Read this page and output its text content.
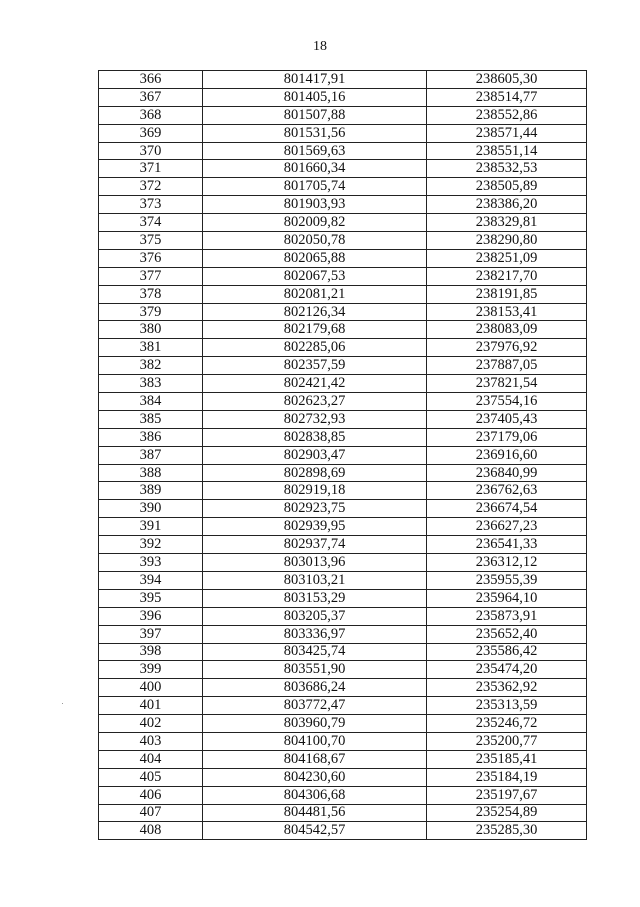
18
366	801417,91	238605,30
367	801405,16	238514,77
368	801507,88	238552,86
369	801531,56	238571,44
370	801569,63	238551,14
371	801660,34	238532,53
372	801705,74	238505,89
373	801903,93	238386,20
374	802009,82	238329,81
375	802050,78	238290,80
376	802065,88	238251,09
377	802067,53	238217,70
378	802081,21	238191,85
379	802126,34	238153,41
380	802179,68	238083,09
381	802285,06	237976,92
382	802357,59	237887,05
383	802421,42	237821,54
384	802623,27	237554,16
385	802732,93	237405,43
386	802838,85	237179,06
387	802903,47	236916,60
388	802898,69	236840,99
389	802919,18	236762,63
390	802923,75	236674,54
391	802939,95	236627,23
392	802937,74	236541,33
393	803013,96	236312,12
394	803103,21	235955,39
395	803153,29	235964,10
396	803205,37	235873,91
397	803336,97	235652,40
398	803425,74	235586,42
399	803551,90	235474,20
400	803686,24	235362,92
401	803772,47	235313,59
402	803960,79	235246,72
403	804100,70	235200,77
404	804168,67	235185,41
405	804230,60	235184,19
406	804306,68	235197,67
407	804481,56	235254,89
408	804542,57	235285,30
